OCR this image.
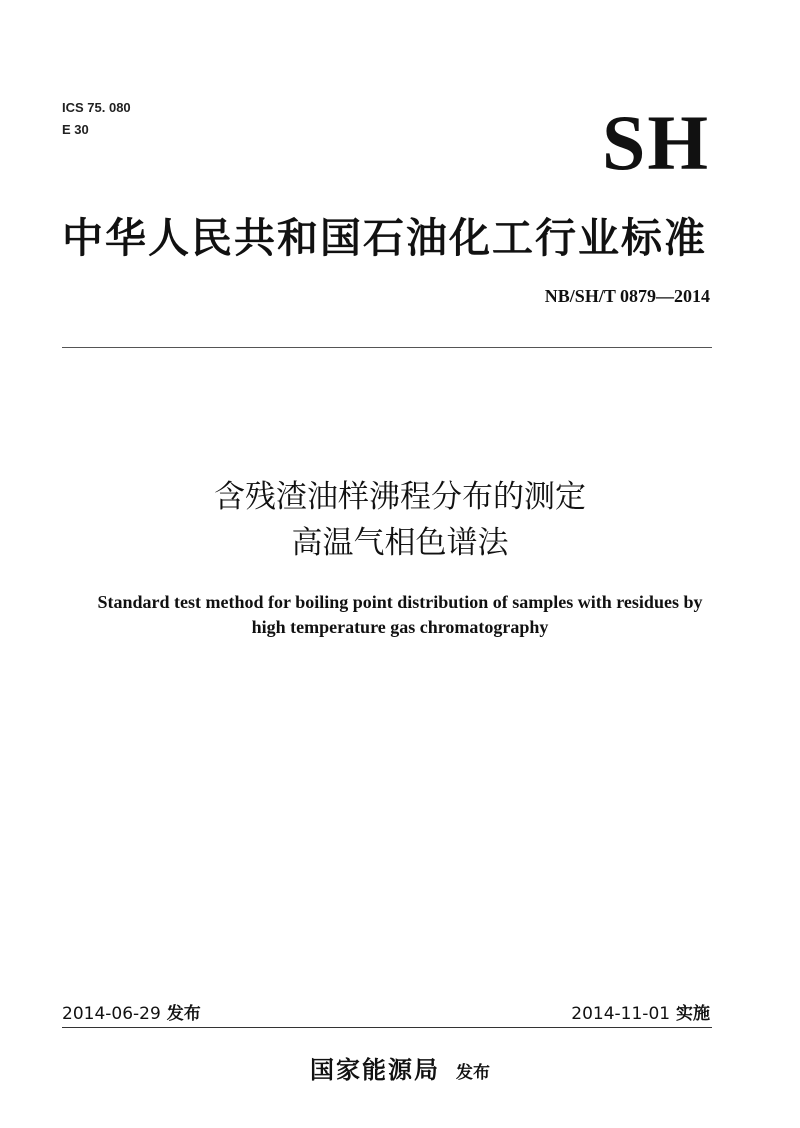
ICS 75. 080
E 30	SH
中华人民共和国石油化工行业标准
NB/SH/T 0879—2014
含残渣油样沸程分布的测定
高温气相色谱法
Standard test method for boiling point distribution of samples with residues by
high temperature gas chromatography
2014-06-29 发布	2014-11-01 实施
国家能源局 发布
